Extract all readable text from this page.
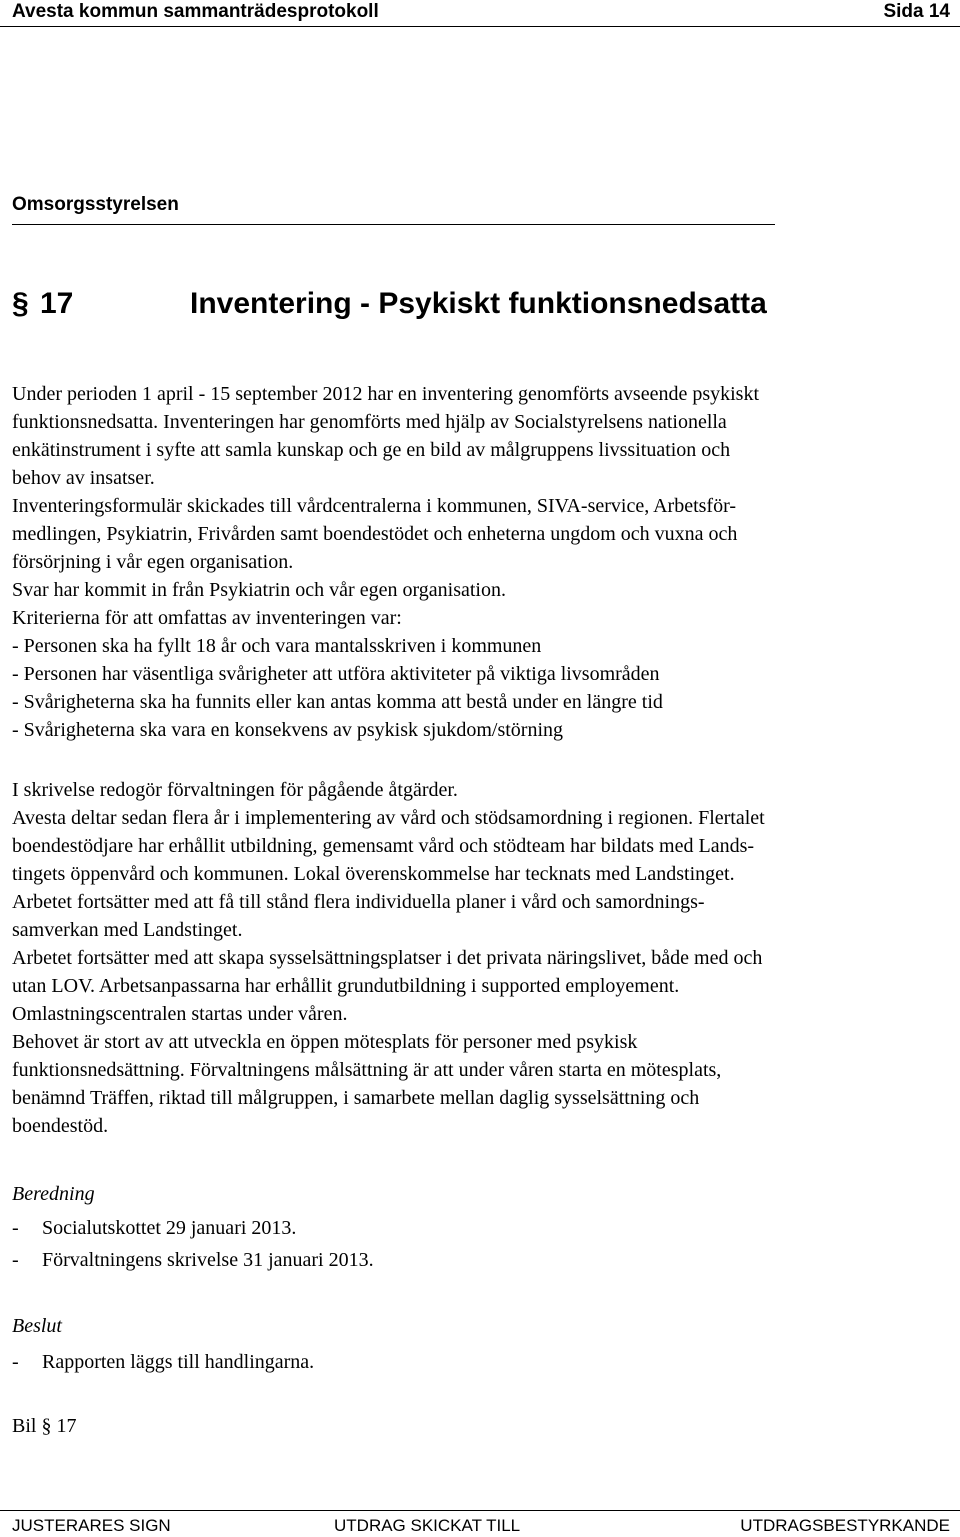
Avesta kommun sammanträdesprotokoll	Sida 14
Omsorgsstyrelsen
§ 17	Inventering - Psykiskt funktionsnedsatta
Under perioden 1 april - 15 september 2012 har en inventering genomförts avseende psykiskt
funktionsnedsatta. Inventeringen har genomförts med hjälp av Socialstyrelsens nationella
enkätinstrument i syfte att samla kunskap och ge en bild av målgruppens livssituation och
behov av insatser.
Inventeringsformulär skickades till vårdcentralerna i kommunen, SIVA-service, Arbetsför-
medlingen, Psykiatrin, Frivården samt boendestödet och enheterna ungdom och vuxna och
försörjning i vår egen organisation.
Svar har kommit in från Psykiatrin och vår egen organisation.
Kriterierna för att omfattas av inventeringen var:
- Personen ska ha fyllt 18 år och vara mantalsskriven i kommunen
- Personen har väsentliga svårigheter att utföra aktiviteter på viktiga livsområden
- Svårigheterna ska ha funnits eller kan antas komma att bestå under en längre tid
- Svårigheterna ska vara en konsekvens av psykisk sjukdom/störning
I skrivelse redogör förvaltningen för pågående åtgärder.
Avesta deltar sedan flera år i implementering av vård och stödsamordning i regionen. Flertalet
boendestödjare har erhållit utbildning, gemensamt vård och stödteam har bildats med Lands-
tingets öppenvård och kommunen. Lokal överenskommelse har tecknats med Landstinget.
Arbetet fortsätter med att få till stånd flera individuella planer i vård och samordnings-
samverkan med Landstinget.
Arbetet fortsätter med att skapa sysselsättningsplatser i det privata näringslivet, både med och
utan LOV. Arbetsanpassarna har erhållit grundutbildning i supported employement.
Omlastningscentralen startas under våren.
Behovet är stort av att utveckla en öppen mötesplats för personer med psykisk
funktionsnedsättning. Förvaltningens målsättning är att under våren starta en mötesplats,
benämnd Träffen, riktad till målgruppen, i samarbete mellan daglig sysselsättning och
boendestöd.
Beredning
- Socialutskottet 29 januari 2013.
- Förvaltningens skrivelse 31 januari 2013.
Beslut
- Rapporten läggs till handlingarna.
Bil § 17
JUSTERARES SIGN	UTDRAG SKICKAT TILL	UTDRAGSBESTYRKANDE
